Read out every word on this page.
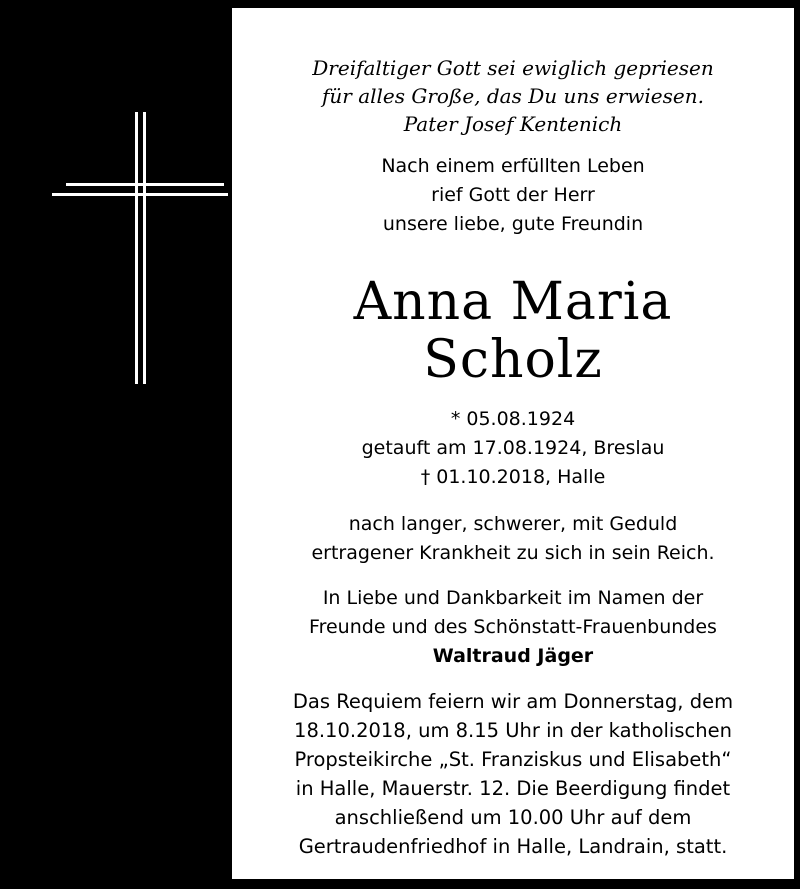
Dreifaltiger Gott sei ewiglich gepriesen
für alles Große, das Du uns erwiesen.
Pater Josef Kentenich

Nach einem erfüllten Leben
rief Gott der Herr
unsere liebe, gute Freundin

Anna Maria
Scholz

* 05.08.1924
getauft am 17.08.1924, Breslau
† 01.10.2018, Halle

nach langer, schwerer, mit Geduld
ertragener Krankheit zu sich in sein Reich.

In Liebe und Dankbarkeit im Namen der
Freunde und des Schönstatt-Frauenbundes
Waltraud Jäger

Das Requiem feiern wir am Donnerstag, dem
18.10.2018, um 8.15 Uhr in der katholischen
Propsteikirche „St. Franziskus und Elisabeth“
in Halle, Mauerstr. 12. Die Beerdigung findet
anschließend um 10.00 Uhr auf dem
Gertraudenfriedhof in Halle, Landrain, statt.
